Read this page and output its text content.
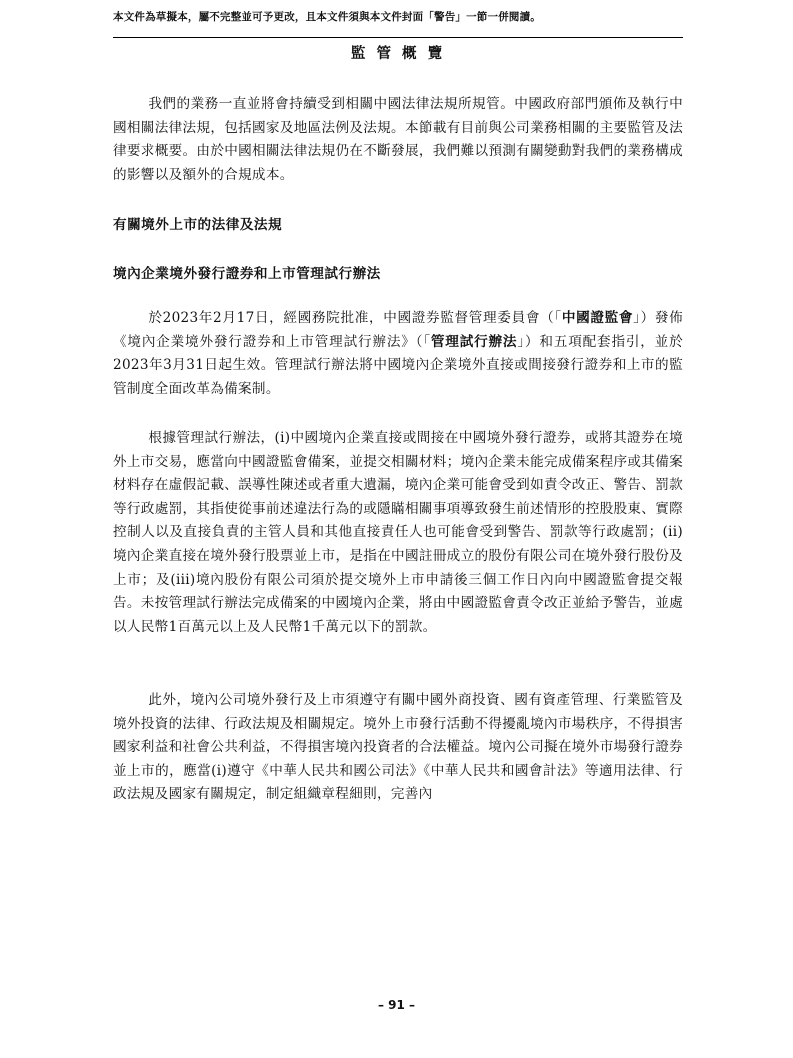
本文件為草擬本，屬不完整並可予更改，且本文件須與本文件封面「警告」一節一併閱讀。
監 管 概 覽

我們的業務一直並將會持續受到相關中國法律法規所規管。中國政府部門頒佈及執行中國相關法律法規，包括國家及地區法例及法規。本節載有目前與公司業務相關的主要監管及法律要求概要。由於中國相關法律法規仍在不斷發展，我們難以預測有關變動對我們的業務構成的影響以及額外的合規成本。

有關境外上市的法律及法規
境內企業境外發行證券和上市管理試行辦法

於2023年2月17日，經國務院批准，中國證券監督管理委員會（「中國證監會」）發佈《境內企業境外發行證券和上市管理試行辦法》（「管理試行辦法」）和五項配套指引，並於2023年3月31日起生效。管理試行辦法將中國境內企業境外直接或間接發行證券和上市的監管制度全面改革為備案制。

根據管理試行辦法，(i)中國境內企業直接或間接在中國境外發行證券，或將其證券在境外上市交易，應當向中國證監會備案，並提交相關材料；境內企業未能完成備案程序或其備案材料存在虛假記載、誤導性陳述或者重大遺漏，境內企業可能會受到如責令改正、警告、罰款等行政處罰，其指使從事前述違法行為的或隱瞞相關事項導致發生前述情形的控股股東、實際控制人以及直接負責的主管人員和其他直接責任人也可能會受到警告、罰款等行政處罰；(ii)境內企業直接在境外發行股票並上市，是指在中國註冊成立的股份有限公司在境外發行股份及上市；及(iii)境內股份有限公司須於提交境外上市申請後三個工作日內向中國證監會提交報告。未按管理試行辦法完成備案的中國境內企業，將由中國證監會責令改正並給予警告，並處以人民幣1百萬元以上及人民幣1千萬元以下的罰款。

此外，境內公司境外發行及上市須遵守有關中國外商投資、國有資產管理、行業監管及境外投資的法律、行政法規及相關規定。境外上市發行活動不得擾亂境內市場秩序，不得損害國家利益和社會公共利益，不得損害境內投資者的合法權益。境內公司擬在境外市場發行證券並上市的，應當(i)遵守《中華人民共和國公司法》《中華人民共和國會計法》等適用法律、行政法規及國家有關規定，制定組織章程細則，完善內

– 91 –
